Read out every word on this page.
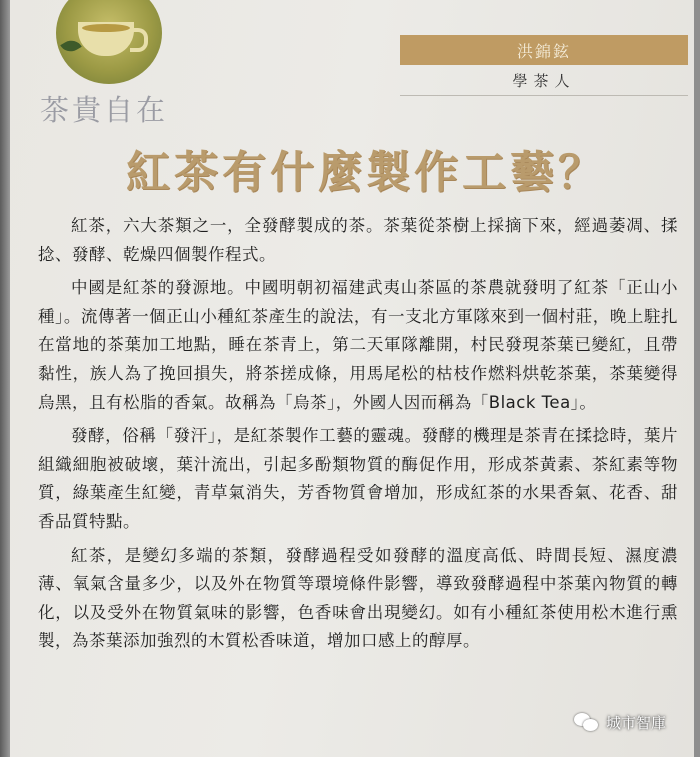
茶貴自在
洪錦鉉
學茶人
紅茶有什麼製作工藝？

紅茶，六大茶類之一，全發酵製成的茶。茶葉從茶樹上採摘下來，經過萎凋、揉捻、發酵、乾燥四個製作程式。

中國是紅茶的發源地。中國明朝初福建武夷山茶區的茶農就發明了紅茶「正山小種」。流傳著一個正山小種紅茶產生的說法，有一支北方軍隊來到一個村莊，晚上駐扎在當地的茶葉加工地點，睡在茶青上，第二天軍隊離開，村民發現茶葉已變紅，且帶黏性，族人為了挽回損失，將茶搓成條，用馬尾松的枯枝作燃料烘乾茶葉，茶葉變得烏黑，且有松脂的香氣。故稱為「烏茶」，外國人因而稱為「Black Tea」。

發酵，俗稱「發汗」，是紅茶製作工藝的靈魂。發酵的機理是茶青在揉捻時，葉片組織細胞被破壞，葉汁流出，引起多酚類物質的酶促作用，形成茶黃素、茶紅素等物質，綠葉產生紅變，青草氣消失，芳香物質會增加，形成紅茶的水果香氣、花香、甜香品質特點。

紅茶，是變幻多端的茶類，發酵過程受如發酵的溫度高低、時間長短、濕度濃薄、氧氣含量多少，以及外在物質等環境條件影響，導致發酵過程中茶葉內物質的轉化，以及受外在物質氣味的影響，色香味會出現變幻。如有小種紅茶使用松木進行熏製，為茶葉添加強烈的木質松香味道，增加口感上的醇厚。

城市智庫
